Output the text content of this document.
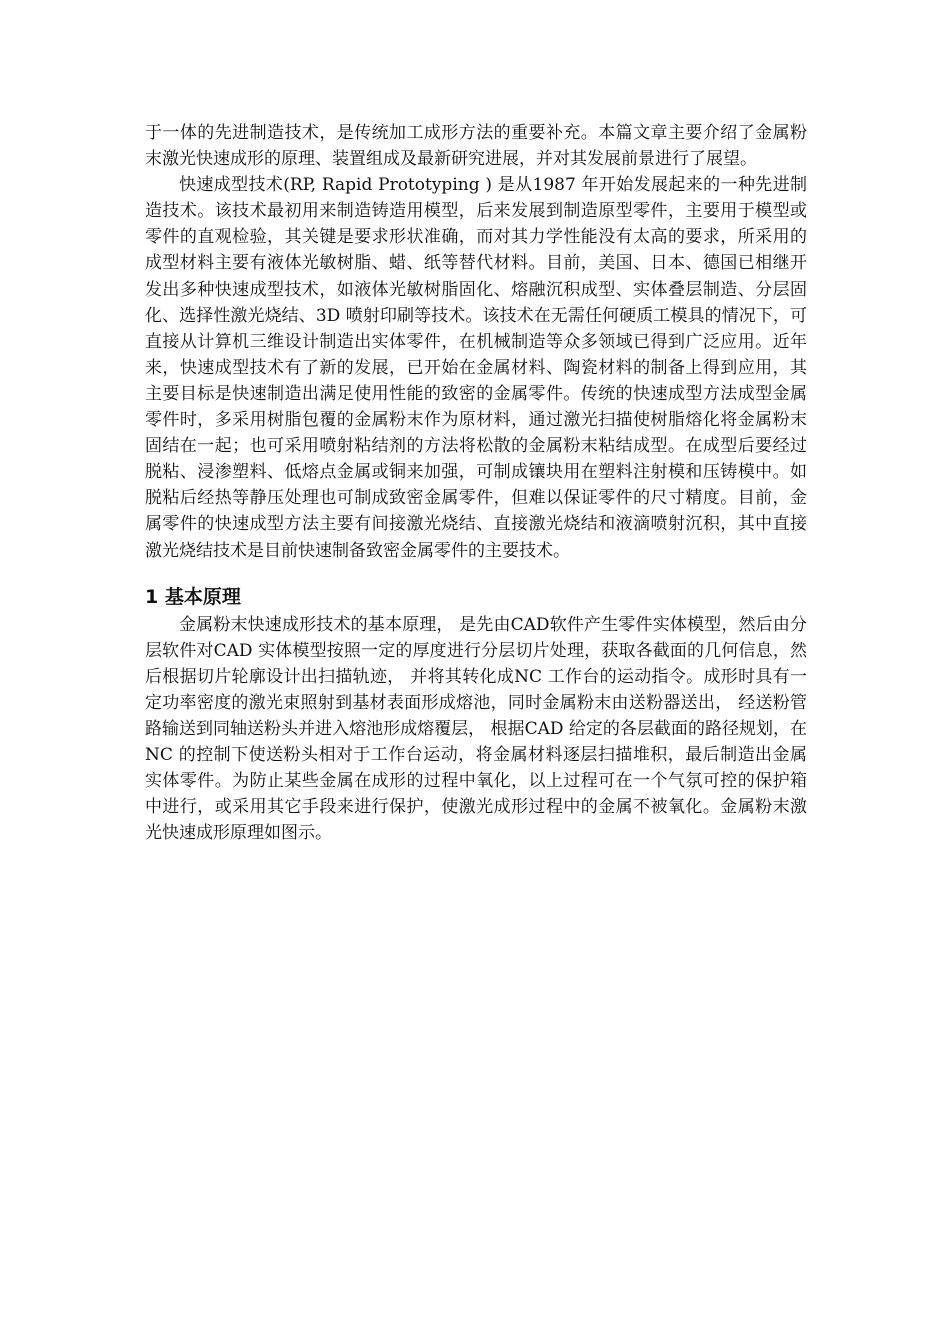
于一体的先进制造技术，是传统加工成形方法的重要补充。本篇文章主要介绍了金属粉末激光快速成形的原理、装置组成及最新研究进展，并对其发展前景进行了展望。

快速成型技术(RP, Rapid Prototyping ) 是从1987 年开始发展起来的一种先进制造技术。该技术最初用来制造铸造用模型，后来发展到制造原型零件，主要用于模型或零件的直观检验，其关键是要求形状准确，而对其力学性能没有太高的要求，所采用的成型材料主要有液体光敏树脂、蜡、纸等替代材料。目前，美国、日本、德国已相继开发出多种快速成型技术，如液体光敏树脂固化、熔融沉积成型、实体叠层制造、分层固化、选择性激光烧结、3D 喷射印刷等技术。该技术在无需任何硬质工模具的情况下，可直接从计算机三维设计制造出实体零件，在机械制造等众多领域已得到广泛应用。近年来，快速成型技术有了新的发展，已开始在金属材料、陶瓷材料的制备上得到应用，其主要目标是快速制造出满足使用性能的致密的金属零件。传统的快速成型方法成型金属零件时，多采用树脂包覆的金属粉末作为原材料，通过激光扫描使树脂熔化将金属粉末固结在一起；也可采用喷射粘结剂的方法将松散的金属粉末粘结成型。在成型后要经过脱粘、浸渗塑料、低熔点金属或铜来加强，可制成镶块用在塑料注射模和压铸模中。如脱粘后经热等静压处理也可制成致密金属零件，但难以保证零件的尺寸精度。目前，金属零件的快速成型方法主要有间接激光烧结、直接激光烧结和液滴喷射沉积，其中直接激光烧结技术是目前快速制备致密金属零件的主要技术。

1 基本原理

金属粉末快速成形技术的基本原理， 是先由CAD软件产生零件实体模型，然后由分层软件对CAD 实体模型按照一定的厚度进行分层切片处理，获取各截面的几何信息，然后根据切片轮廓设计出扫描轨迹， 并将其转化成NC 工作台的运动指令。成形时具有一定功率密度的激光束照射到基材表面形成熔池，同时金属粉末由送粉器送出， 经送粉管路输送到同轴送粉头并进入熔池形成熔覆层， 根据CAD 给定的各层截面的路径规划，在NC 的控制下使送粉头相对于工作台运动，将金属材料逐层扫描堆积，最后制造出金属实体零件。为防止某些金属在成形的过程中氧化，以上过程可在一个气氛可控的保护箱中进行，或采用其它手段来进行保护，使激光成形过程中的金属不被氧化。金属粉末激光快速成形原理如图示。
